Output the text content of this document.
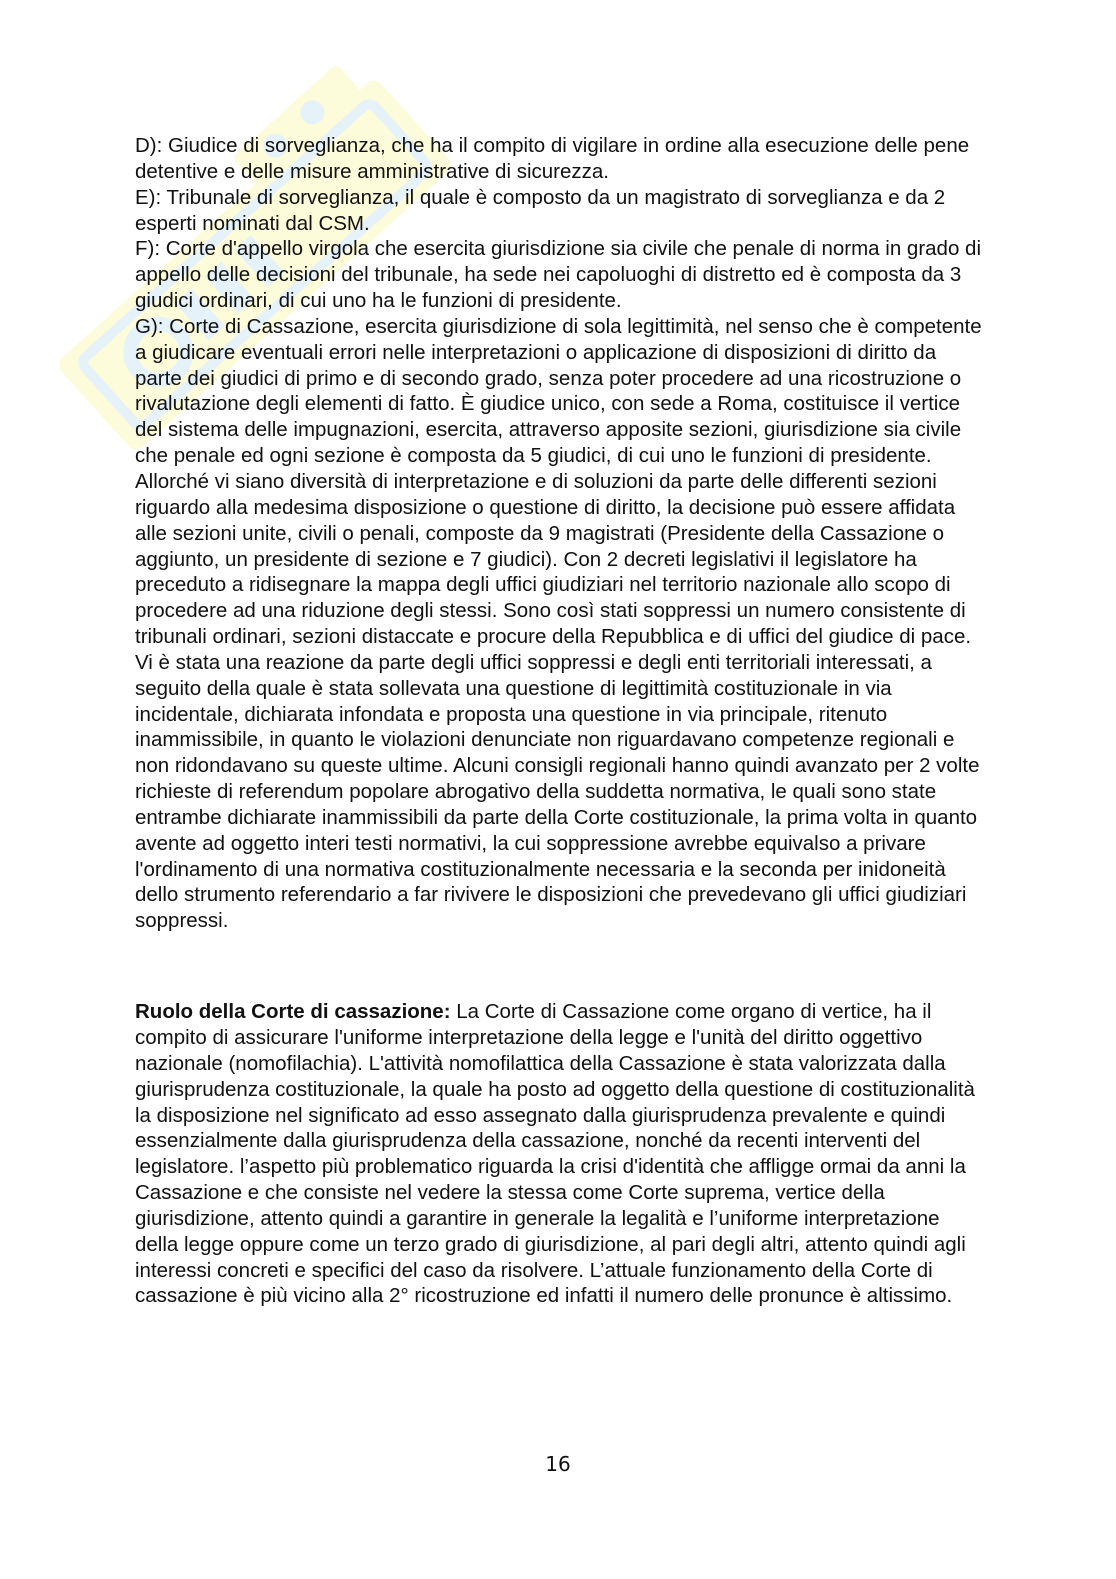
D): Giudice di sorveglianza, che ha il compito di vigilare in ordine alla esecuzione delle pene detentive e delle misure amministrative di sicurezza.

E): Tribunale di sorveglianza, il quale è composto da un magistrato di sorveglianza e da 2 esperti nominati dal CSM.

F): Corte d'appello virgola che esercita giurisdizione sia civile che penale di norma in grado di appello delle decisioni del tribunale, ha sede nei capoluoghi di distretto ed è composta da 3 giudici ordinari, di cui uno ha le funzioni di presidente.

G): Corte di Cassazione, esercita giurisdizione di sola legittimità, nel senso che è competente a giudicare eventuali errori nelle interpretazioni o applicazione di disposizioni di diritto da parte dei giudici di primo e di secondo grado, senza poter procedere ad una ricostruzione o rivalutazione degli elementi di fatto. È giudice unico, con sede a Roma, costituisce il vertice del sistema delle impugnazioni, esercita, attraverso apposite sezioni, giurisdizione sia civile che penale ed ogni sezione è composta da 5 giudici, di cui uno le funzioni di presidente. Allorché vi siano diversità di interpretazione e di soluzioni da parte delle differenti sezioni riguardo alla medesima disposizione o questione di diritto, la decisione può essere affidata alle sezioni unite, civili o penali, composte da 9 magistrati (Presidente della Cassazione o aggiunto, un presidente di sezione e 7 giudici). Con 2 decreti legislativi il legislatore ha preceduto a ridisegnare la mappa degli uffici giudiziari nel territorio nazionale allo scopo di procedere ad una riduzione degli stessi. Sono così stati soppressi un numero consistente di tribunali ordinari, sezioni distaccate e procure della Repubblica e di uffici del giudice di pace. Vi è stata una reazione da parte degli uffici soppressi e degli enti territoriali interessati, a seguito della quale è stata sollevata una questione di legittimità costituzionale in via incidentale, dichiarata infondata e proposta una questione in via principale, ritenuto inammissibile, in quanto le violazioni denunciate non riguardavano competenze regionali e non ridondavano su queste ultime. Alcuni consigli regionali hanno quindi avanzato per 2 volte richieste di referendum popolare abrogativo della suddetta normativa, le quali sono state entrambe dichiarate inammissibili da parte della Corte costituzionale, la prima volta in quanto avente ad oggetto interi testi normativi, la cui soppressione avrebbe equivalso a privare l'ordinamento di una normativa costituzionalmente necessaria e la seconda per inidoneità dello strumento referendario a far rivivere le disposizioni che prevedevano gli uffici giudiziari soppressi.

Ruolo della Corte di cassazione: La Corte di Cassazione come organo di vertice, ha il compito di assicurare l'uniforme interpretazione della legge e l'unità del diritto oggettivo nazionale (nomofilachia). L'attività nomofilattica della Cassazione è stata valorizzata dalla giurisprudenza costituzionale, la quale ha posto ad oggetto della questione di costituzionalità la disposizione nel significato ad esso assegnato dalla giurisprudenza prevalente e quindi essenzialmente dalla giurisprudenza della cassazione, nonché da recenti interventi del legislatore. l’aspetto più problematico riguarda la crisi d'identità che affligge ormai da anni la Cassazione e che consiste nel vedere la stessa come Corte suprema, vertice della giurisdizione, attento quindi a garantire in generale la legalità e l’uniforme interpretazione della legge oppure come un terzo grado di giurisdizione, al pari degli altri, attento quindi agli interessi concreti e specifici del caso da risolvere. L’attuale funzionamento della Corte di cassazione è più vicino alla 2° ricostruzione ed infatti il numero delle pronunce è altissimo.

16
